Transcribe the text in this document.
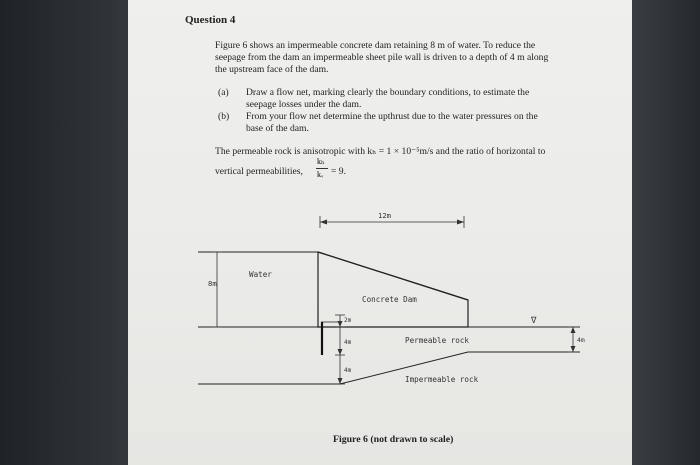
Question 4
Figure 6 shows an impermeable concrete dam retaining 8 m of water. To reduce the
seepage from the dam an impermeable sheet pile wall is driven to a depth of 4 m along
the upstream face of the dam.
(a) Draw a flow net, marking clearly the boundary conditions, to estimate the
seepage losses under the dam.
(b) From your flow net determine the upthrust due to the water pressures on the
base of the dam.
The permeable rock is anisotropic with kₕ = 1 × 10⁻⁵m/s and the ratio of horizontal to
vertical permeabilities,
kₕ
kᵥ = 9.
12m
Water
8m
Concrete Dam
2m
4m
4m
Permeable rock
Impermeable rock
4m
∇
Figure 6 (not drawn to scale)
